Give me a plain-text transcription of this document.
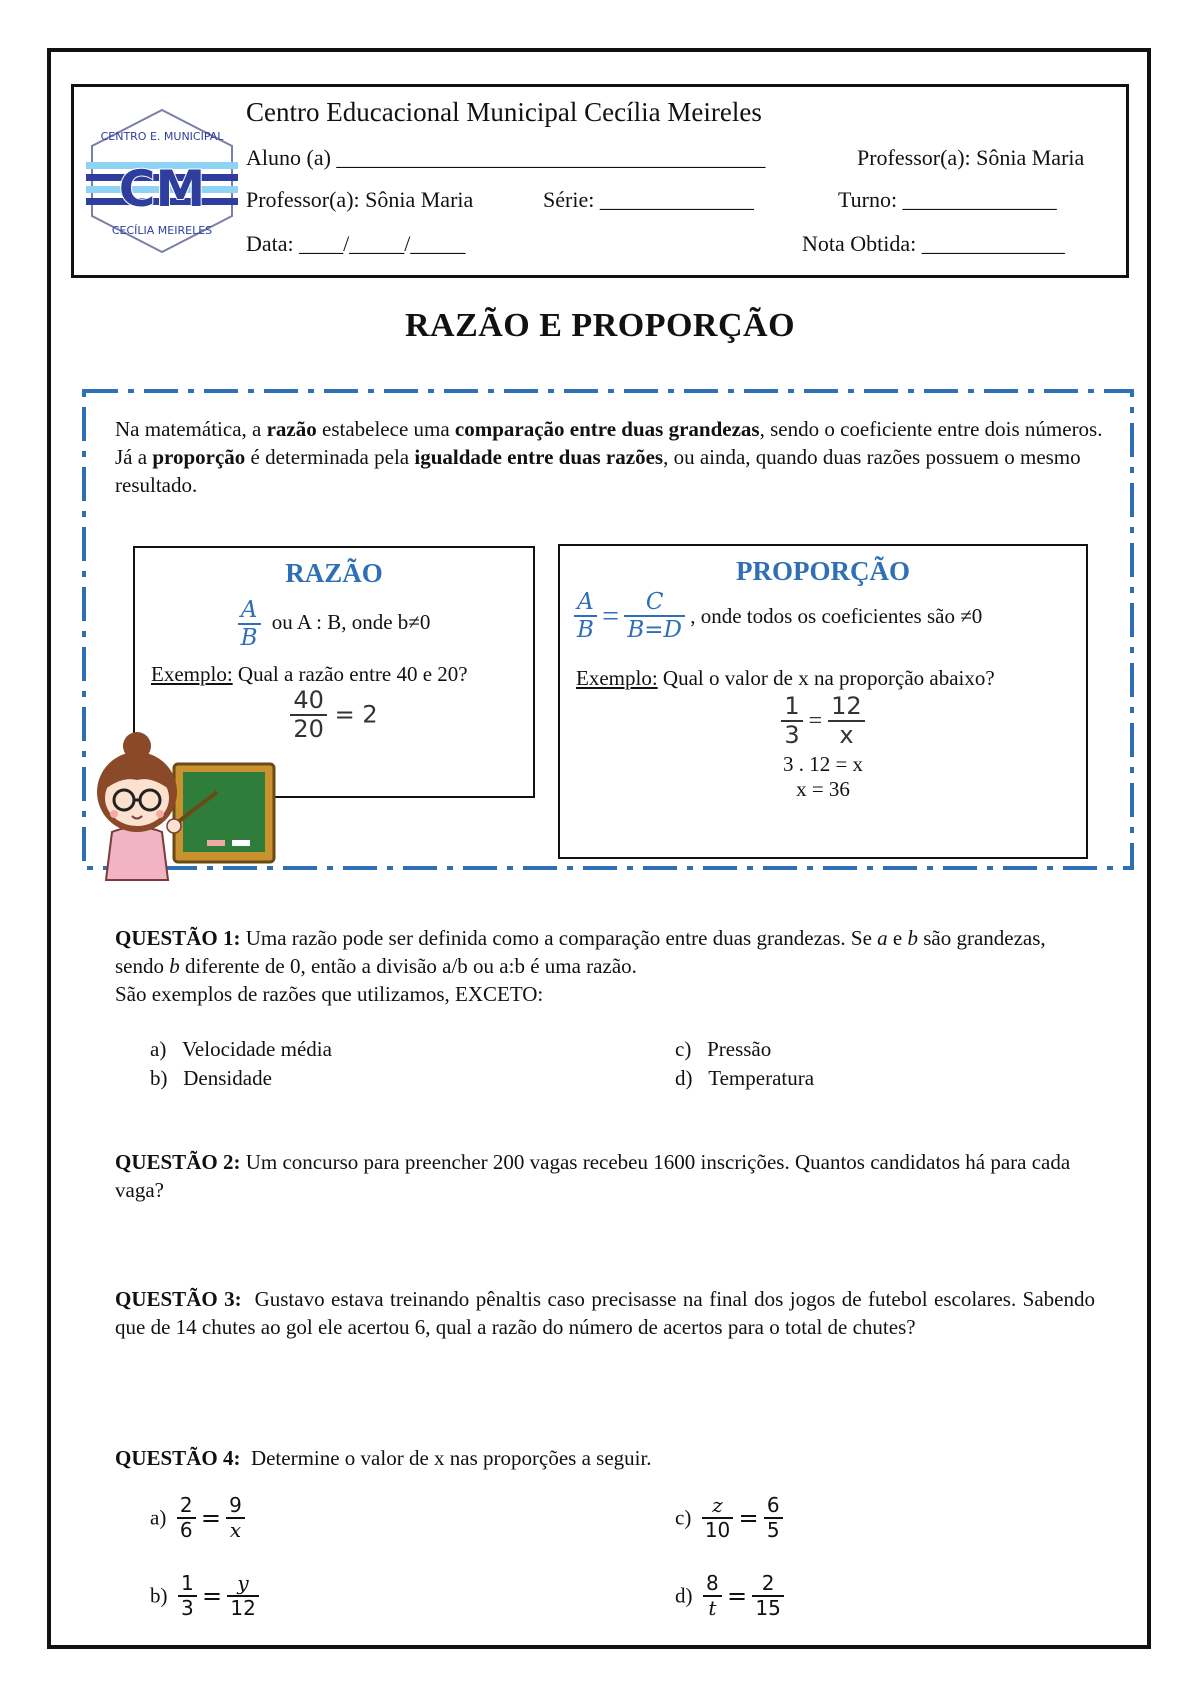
CM
CENTRO E. MUNICIPAL
CECÍLIA MEIRELES
Centro Educacional Municipal Cecília Meireles
Aluno (a) _______________________________________	Professor(a): Sônia Maria
Professor(a): Sônia Maria	Série: ______________	Turno: ______________
Data: ____/_____/_____	Nota Obtida: _____________
RAZÃO E PROPORÇÃO
Na matemática, a razão estabelece uma comparação entre duas grandezas, sendo o coeficiente entre dois números.
Já a proporção é determinada pela igualdade entre duas razões, ou ainda, quando duas razões possuem o mesmo resultado.
RAZÃO
$\frac{A}{B}$ ou A : B, onde b≠0
Exemplo: Qual a razão entre 40 e 20?
$\frac{40}{20} = 2$
PROPORÇÃO
$\frac{A}{B} = \frac{C}{B=D}$ , onde todos os coeficientes são ≠0
Exemplo: Qual o valor de x na proporção abaixo?
$\frac{1}{3} = \frac{12}{x}$
3 . 12 = x
x = 36
QUESTÃO 1: Uma razão pode ser definida como a comparação entre duas grandezas. Se a e b são grandezas, sendo b diferente de 0, então a divisão a/b ou a:b é uma razão.
São exemplos de razões que utilizamos, EXCETO:
a) Velocidade média
b) Densidade
c) Pressão
d) Temperatura
QUESTÃO 2: Um concurso para preencher 200 vagas recebeu 1600 inscrições. Quantos candidatos há para cada vaga?
QUESTÃO 3:  Gustavo estava treinando pênaltis caso precisasse na final dos jogos de futebol escolares. Sabendo que de 14 chutes ao gol ele acertou 6, qual a razão do número de acertos para o total de chutes?
QUESTÃO 4:  Determine o valor de x nas proporções a seguir.
$a) \frac{2}{6} = \frac{9}{x}$
$b) \frac{1}{3} = \frac{y}{12}$
$c) \frac{z}{10} = \frac{6}{5}$
$d) \frac{8}{t} = \frac{2}{15}$
